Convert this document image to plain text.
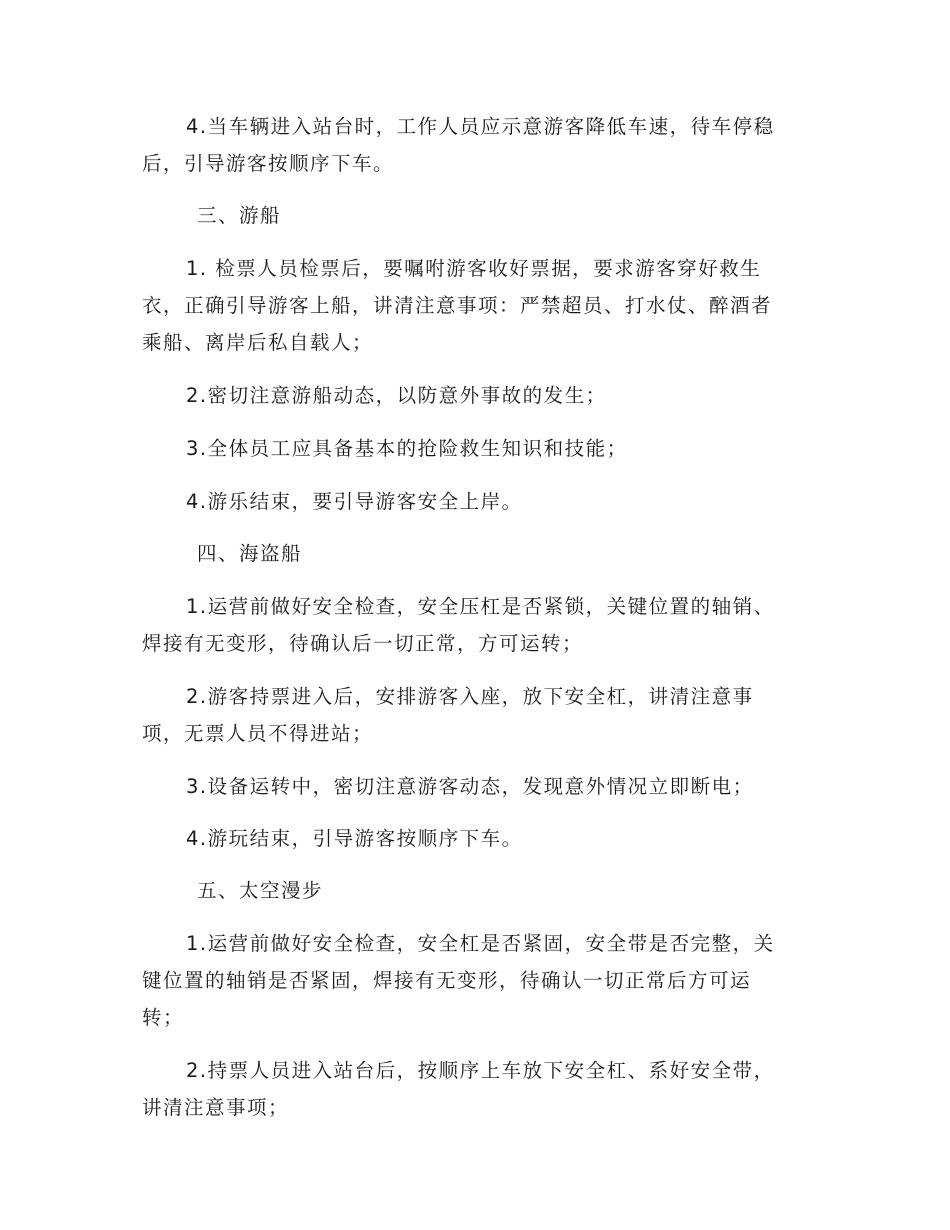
4.当车辆进入站台时，工作人员应示意游客降低车速，待车停稳
后，引导游客按顺序下车。
三、游船
1. 检票人员检票后，要嘱咐游客收好票据，要求游客穿好救生
衣，正确引导游客上船，讲清注意事项：严禁超员、打水仗、醉酒者
乘船、离岸后私自载人；
2.密切注意游船动态，以防意外事故的发生；
3.全体员工应具备基本的抢险救生知识和技能；
4.游乐结束，要引导游客安全上岸。
四、海盗船
1.运营前做好安全检查，安全压杠是否紧锁，关键位置的轴销、
焊接有无变形，待确认后一切正常，方可运转；
2.游客持票进入后，安排游客入座，放下安全杠，讲清注意事
项，无票人员不得进站；
3.设备运转中，密切注意游客动态，发现意外情况立即断电；
4.游玩结束，引导游客按顺序下车。
五、太空漫步
1.运营前做好安全检查，安全杠是否紧固，安全带是否完整，关
键位置的轴销是否紧固，焊接有无变形，待确认一切正常后方可运
转；
2.持票人员进入站台后，按顺序上车放下安全杠、系好安全带，
讲清注意事项；
